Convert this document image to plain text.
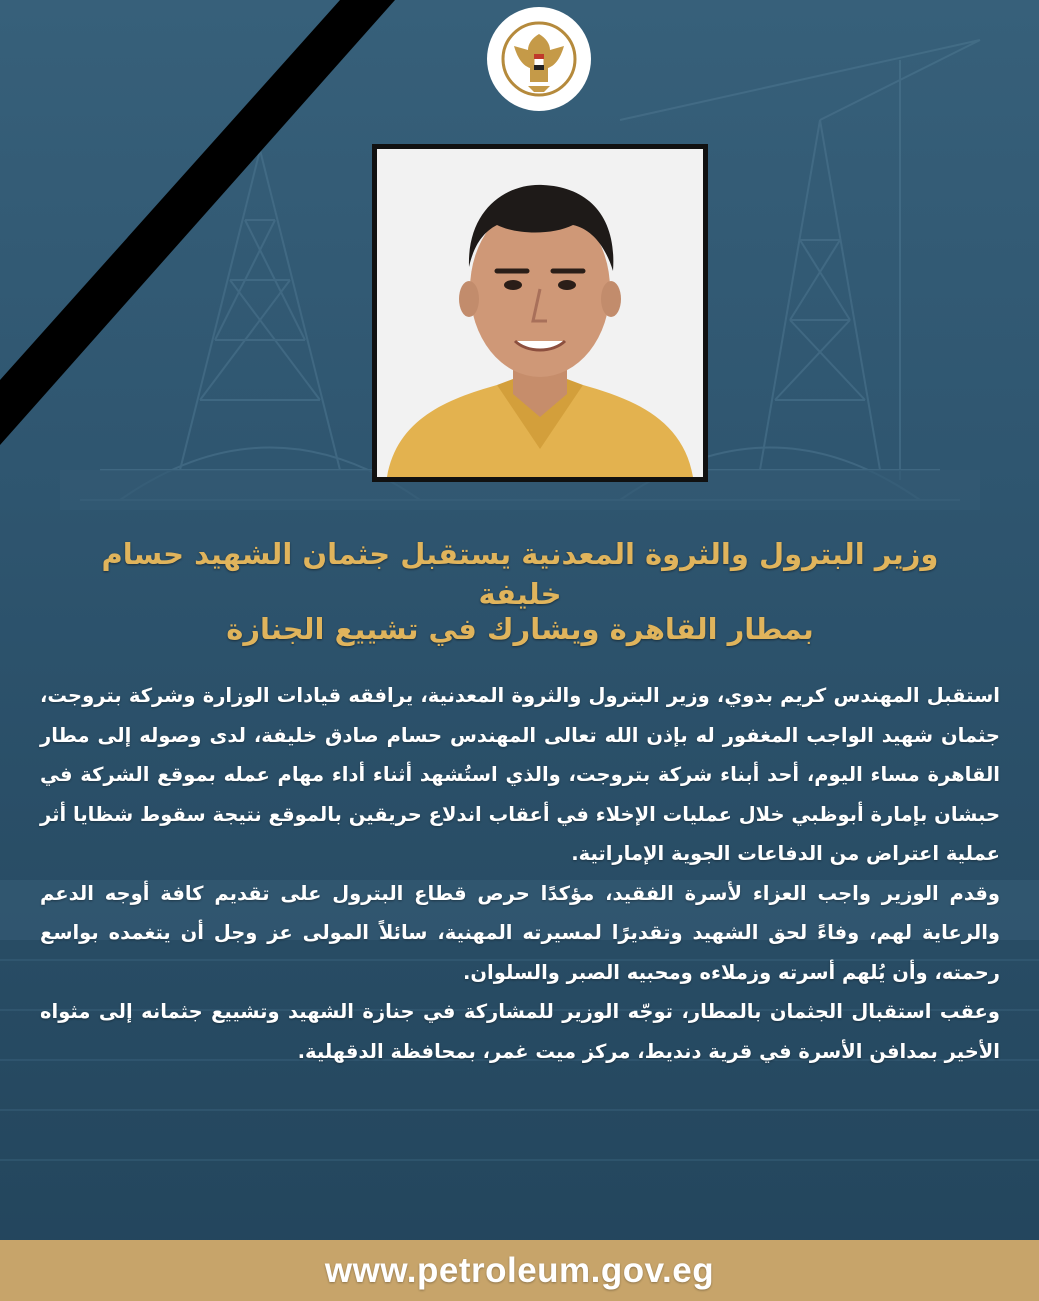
وزير البترول والثروة المعدنية يستقبل جثمان الشهيد حسام خليفة
بمطار القاهرة ويشارك في تشييع الجنازة

استقبل المهندس كريم بدوي، وزير البترول والثروة المعدنية، يرافقه قيادات الوزارة وشركة بتروجت، جثمان شهيد الواجب المغفور له بإذن الله تعالى المهندس حسام صادق خليفة، لدى وصوله إلى مطار القاهرة مساء اليوم، أحد أبناء شركة بتروجت، والذي استُشهد أثناء أداء مهام عمله بموقع الشركة في حبشان بإمارة أبوظبي خلال عمليات الإخلاء في أعقاب اندلاع حريقين بالموقع نتيجة سقوط شظايا أثر عملية اعتراض من الدفاعات الجوية الإماراتية.

وقدم الوزير واجب العزاء لأسرة الفقيد، مؤكدًا حرص قطاع البترول على تقديم كافة أوجه الدعم والرعاية لهم، وفاءً لحق الشهيد وتقديرًا لمسيرته المهنية، سائلاً المولى عز وجل أن يتغمده بواسع رحمته، وأن يُلهم أسرته وزملاءه ومحبيه الصبر والسلوان.

وعقب استقبال الجثمان بالمطار، توجّه الوزير للمشاركة في جنازة الشهيد وتشييع جثمانه إلى مثواه الأخير بمدافن الأسرة في قرية دنديط، مركز ميت غمر، بمحافظة الدقهلية.

www.petroleum.gov.eg
